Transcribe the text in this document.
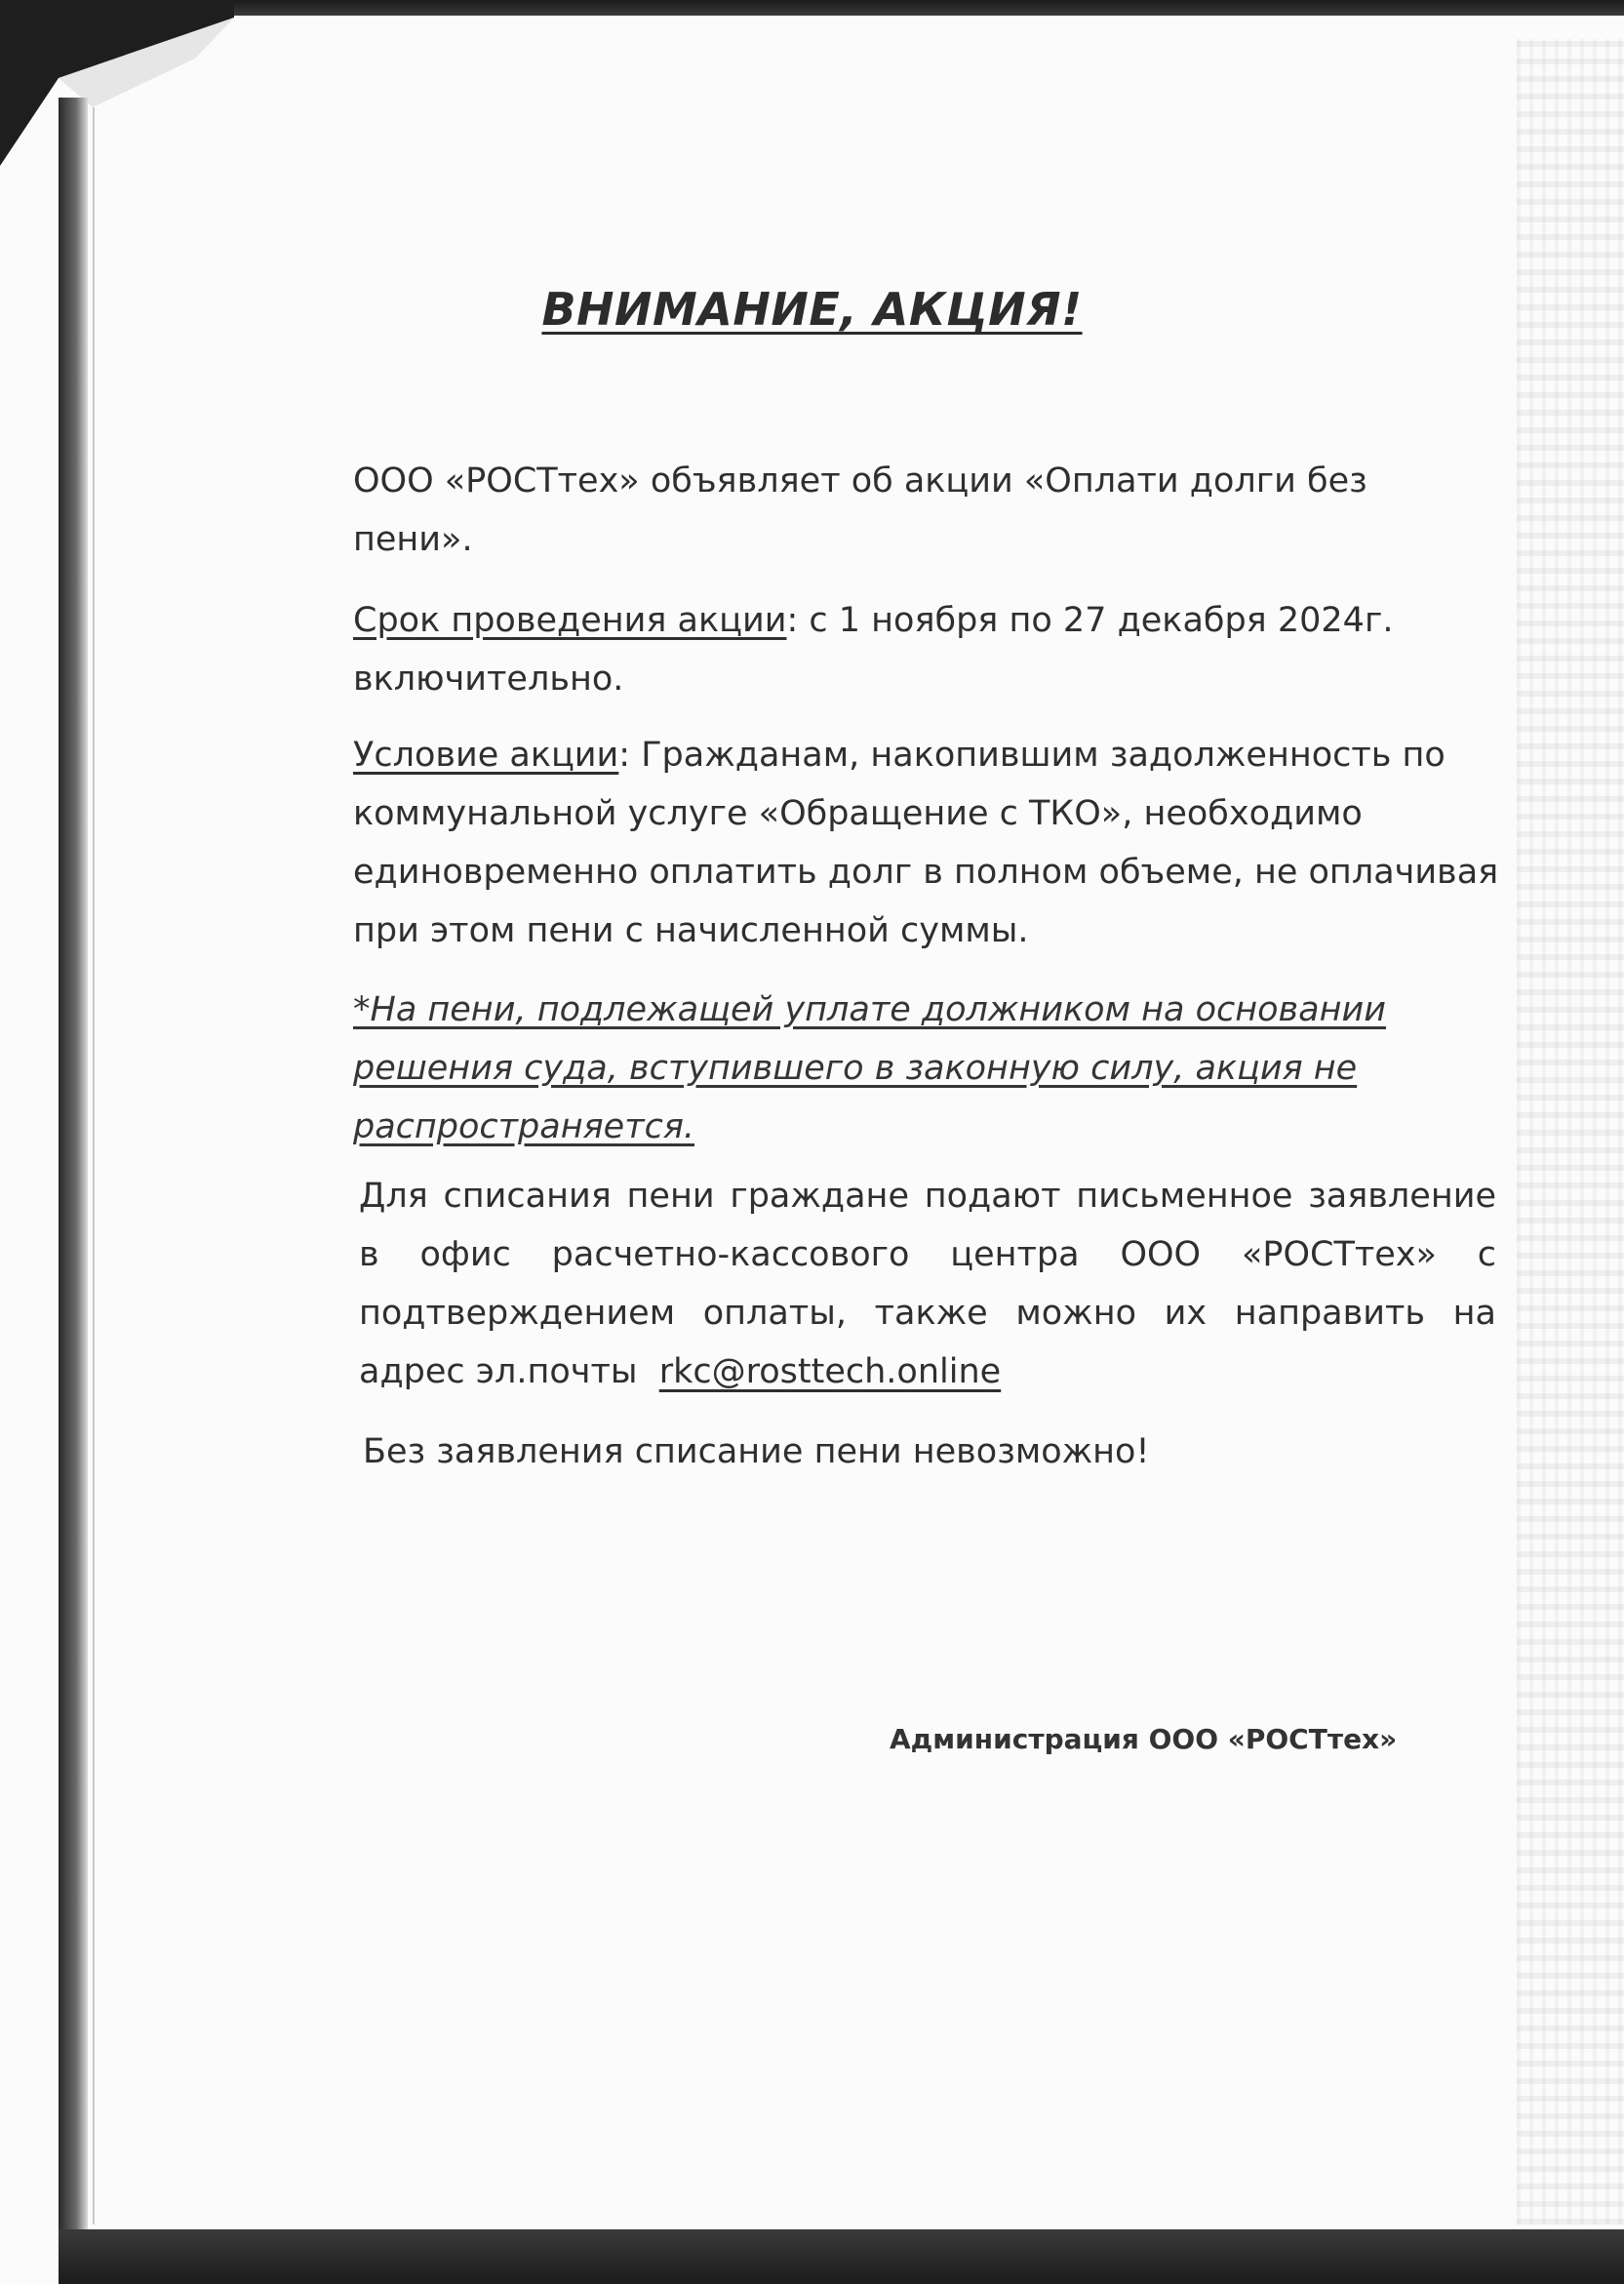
ВНИМАНИЕ, АКЦИЯ!

ООО «РОСТтех» объявляет об акции «Оплати долги без пени».

Срок проведения акции: с 1 ноября по 27 декабря 2024г. включительно.

Условие акции: Гражданам, накопившим задолженность по коммунальной услуге «Обращение с ТКО», необходимо единовременно оплатить долг в полном объеме, не оплачивая при этом пени с начисленной суммы.

*На пени, подлежащей уплате должником на основании решения суда, вступившего в законную силу, акция не распространяется.

Для списания пени граждане подают письменное заявление в офис расчетно-кассового центра ООО «РОСТтех» с подтверждением оплаты, также можно их направить на адрес эл.почты rkc@rosttech.online

Без заявления списание пени невозможно!

Администрация ООО «РОСТтех»
